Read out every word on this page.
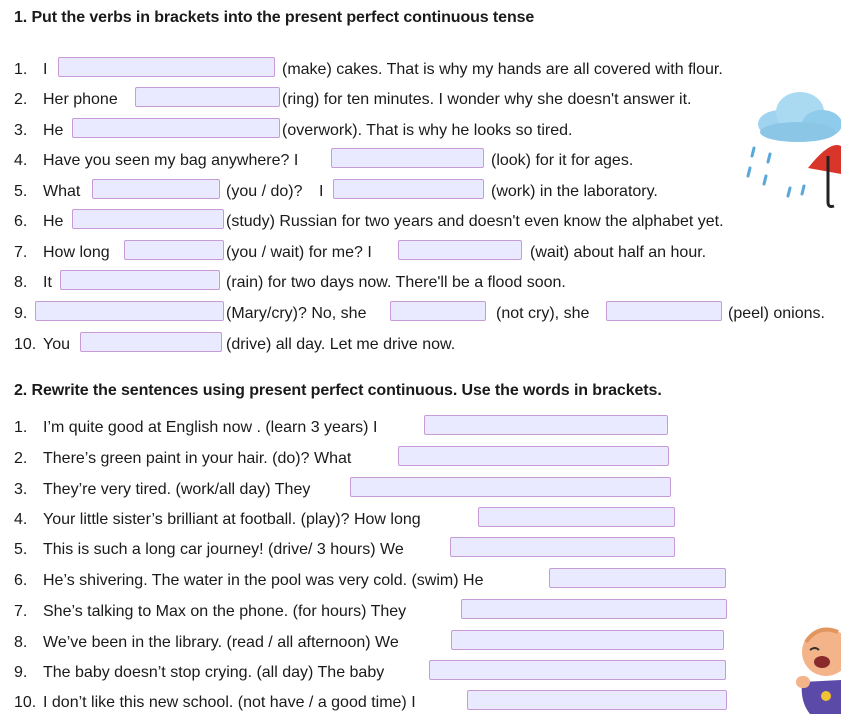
1. Put the verbs in brackets into the present perfect continuous tense
1. I	(make) cakes. That is why my hands are all covered with flour.
2. Her phone	(ring) for ten minutes. I wonder why she doesn't answer it.
3. He	(overwork). That is why he looks so tired.
4. Have you seen my bag anywhere? I	(look) for it for ages.
5. What	(you / do)? I	(work) in the laboratory.
6. He	(study) Russian for two years and doesn't even know the alphabet yet.
7. How long	(you / wait) for me? I	(wait) about half an hour.
8. It	(rain) for two days now. There'll be a flood soon.
9.	(Mary/cry)? No, she	(not cry), she	(peel) onions.
10. You	(drive) all day. Let me drive now.
2. Rewrite the sentences using present perfect continuous. Use the words in brackets.
1. I’m quite good at English now . (learn 3 years) I
2. There’s green paint in your hair. (do)? What
3. They’re very tired. (work/all day) They
4. Your little sister’s brilliant at football. (play)? How long
5. This is such a long car journey! (drive/ 3 hours) We
6. He’s shivering. The water in the pool was very cold. (swim) He
7. She’s talking to Max on the phone. (for hours) They
8. We’ve been in the library. (read / all afternoon) We
9. The baby doesn’t stop crying. (all day) The baby
10. I don’t like this new school. (not have / a good time) I
